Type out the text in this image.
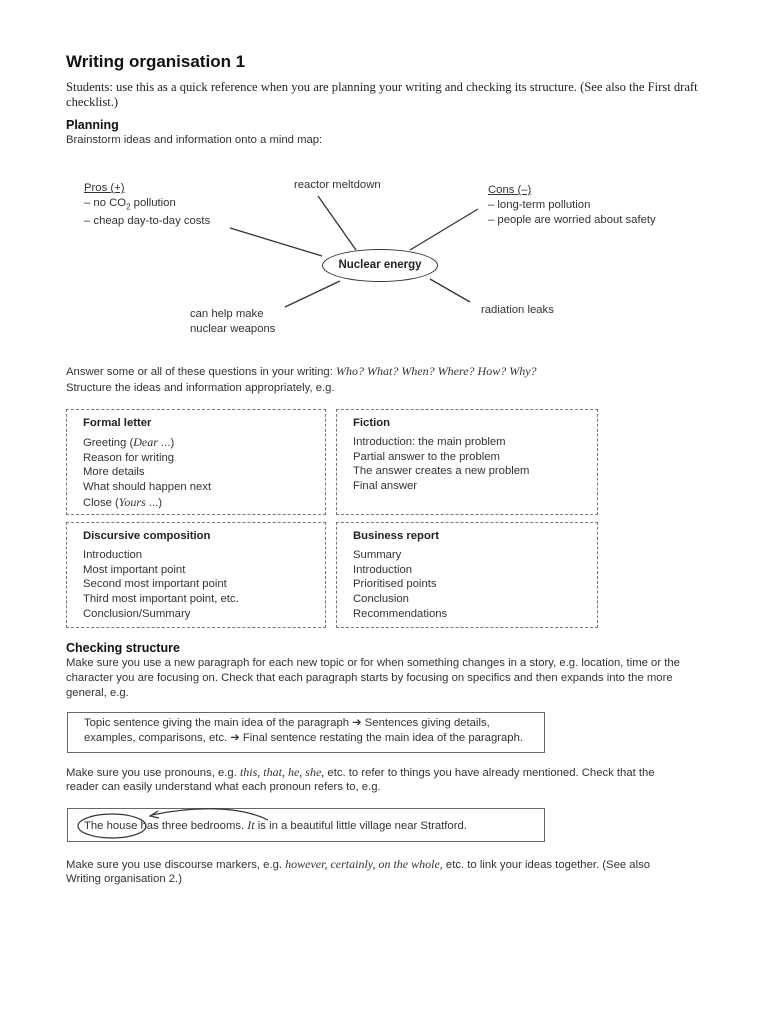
Writing organisation 1

Students: use this as a quick reference when you are planning your writing and checking its structure. (See also the First draft checklist.)

Planning
Brainstorm ideas and information onto a mind map:
Pros (+)
– no $CO_2$ pollution
– cheap day-to-day costs
reactor meltdown	Cons (–)
– long-term pollution
– people are worried about safety
can help make
nuclear weapons
radiation leaks
Nuclear energy
Answer some or all of these questions in your writing: Who? What? When? Where? How? Why?
Structure the ideas and information appropriately, e.g.
Formal letter
Greeting (Dear ...)
Reason for writing
More details
What should happen next
Close (Yours ...)
Fiction
Introduction: the main problem
Partial answer to the problem
The answer creates a new problem
Final answer
Discursive composition
Introduction
Most important point
Second most important point
Third most important point, etc.
Conclusion/Summary
Business report
Summary
Introduction
Prioritised points
Conclusion
Recommendations
Checking structure
Make sure you use a new paragraph for each new topic or for when something changes in a story, e.g. location, time or the character you are focusing on. Check that each paragraph starts by focusing on specifics and then expands into the more general, e.g.
Topic sentence giving the main idea of the paragraph ➔ Sentences giving details,
examples, comparisons, etc. ➔ Final sentence restating the main idea of the paragraph.
Make sure you use pronouns, e.g. this, that, he, she, etc. to refer to things you have already mentioned. Check that the
reader can easily understand what each pronoun refers to, e.g.
The house has three bedrooms. It is in a beautiful little village near Stratford.
Make sure you use discourse markers, e.g. however, certainly, on the whole, etc. to link your ideas together. (See also
Writing organisation 2.)
